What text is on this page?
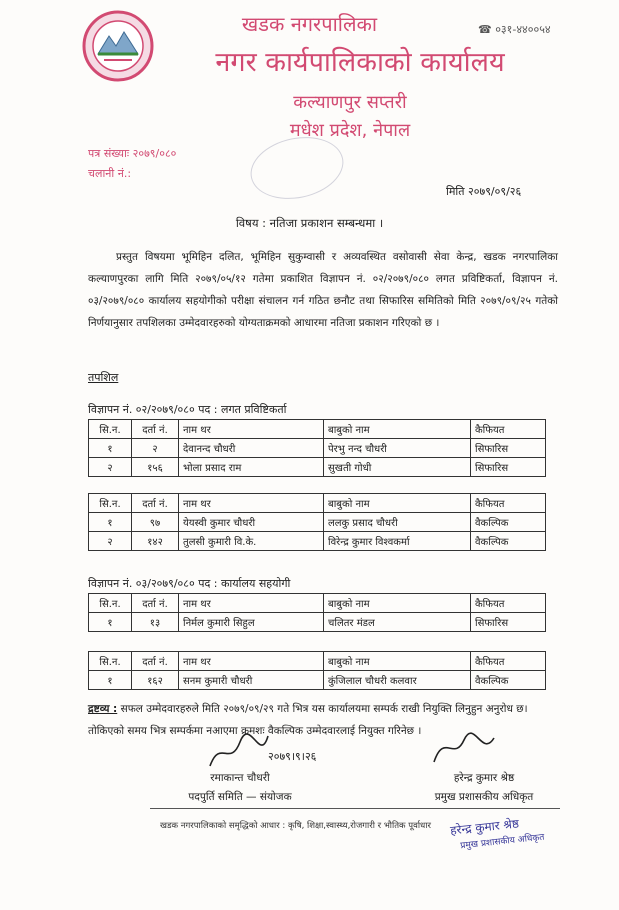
खडक नगरपालिका
नगर कार्यपालिकाको कार्यालय
कल्याणपुर सप्तरी
मधेश प्रदेश, नेपाल
☎ ०३१-४४००५४
पत्र संख्याः २०७९/०८०
चलानी नं.:
मिति २०७९/०९/२६
विषय : नतिजा प्रकाशन सम्बन्धमा ।
प्रस्तुत विषयमा भूमिहिन दलित, भूमिहिन सुकुम्वासी र अव्यवस्थित वसोवासी सेवा केन्द्र, खडक नगरपालिका कल्याणपुरका लागि मिति २०७९/०५/१२ गतेमा प्रकाशित विज्ञापन नं. ०२/२०७९/०८० लगत प्रविष्टिकर्ता, विज्ञापन नं. ०३/२०७९/०८० कार्यालय सहयोगीको परीक्षा संचालन गर्न गठित छनौट तथा सिफारिस समितिको मिति २०७९/०९/२५ गतेको निर्णयानुसार तपशिलका उम्मेदवारहरुको योग्यताक्रमको आधारमा नतिजा प्रकाशन गरिएको छ ।
तपशिल
विज्ञापन नं. ०२/२०७९/०८० पद : लगत प्रविष्टिकर्ता
सि.न.	दर्ता नं.	नाम थर	बाबुको नाम	कैफियत
१	२	देवानन्द चौधरी	पेरभु नन्द चौधरी	सिफारिस
२	१५६	भोला प्रसाद राम	सुखती गोधी	सिफारिस
सि.न.	दर्ता नं.	नाम थर	बाबुको नाम	कैफियत
१	९७	येयस्वी कुमार चौधरी	ललकु प्रसाद चौधरी	वैकल्पिक
२	१४२	तुलसी कुमारी वि.के.	विरेन्द्र कुमार विश्वकर्मा	वैकल्पिक
विज्ञापन नं. ०३/२०७९/०८० पद : कार्यालय सहयोगी
सि.न.	दर्ता नं.	नाम थर	बाबुको नाम	कैफियत
१	१३	निर्मल कुमारी सिहुल	चलितर मंडल	सिफारिस
सि.न.	दर्ता नं.	नाम थर	बाबुको नाम	कैफियत
१	१६२	सनम कुमारी चौधरी	कुंजिलाल चौधरी कलवार	वैकल्पिक
द्रष्टव्य : सफल उम्मेदवारहरुले मिति २०७९/०९/२९ गते भित्र यस कार्यालयमा सम्पर्क राखी नियुक्ति लिनुहुन अनुरोध छ। तोकिएको समय भित्र सम्पर्कमा नआएमा क्रमशः वैकल्पिक उम्मेदवारलाई नियुक्त गरिनेछ ।
२०७९।९।२६
रमाकान्त चौधरी
पदपुर्ति समिति — संयोजक
हरेन्द्र कुमार श्रेष्ठ
प्रमुख प्रशासकीय अधिकृत
खडक नगरपालिकाको समृद्धिको आधार : कृषि, शिक्षा,स्वास्थ्य,रोजगारी र भौतिक पूर्वाधार हरेन्द्र कुमार श्रेष्ठ
प्रमुख प्रशासकीय अधिकृत
